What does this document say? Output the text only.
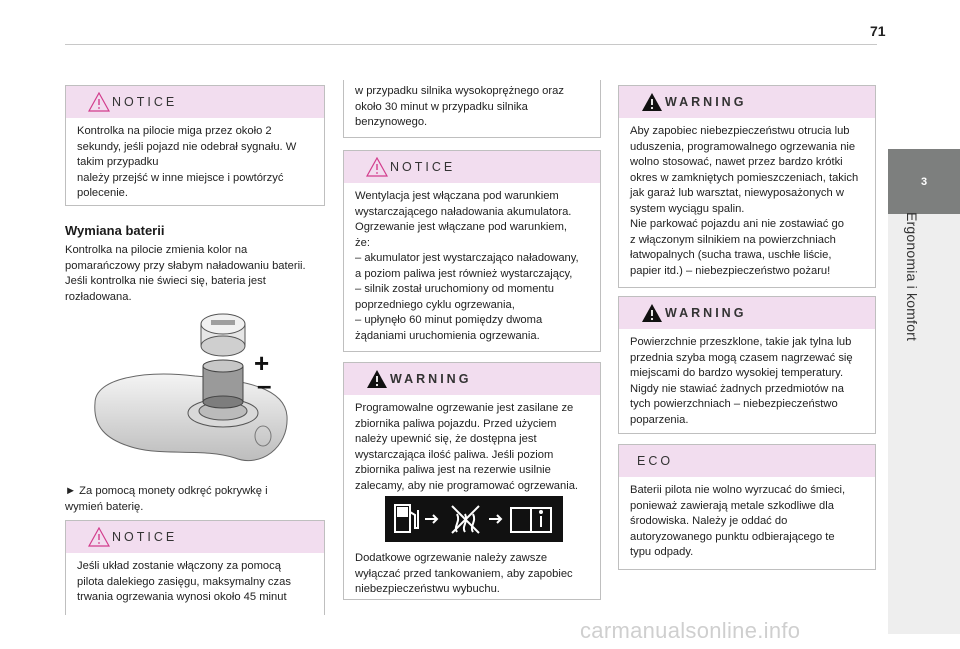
71
3
Ergonomia i komfort
NOTICE
Kontrolka na pilocie miga przez około 2
sekundy, jeśli pojazd nie odebrał sygnału. W
takim przypadku
należy przejść w inne miejsce i powtórzyć
polecenie.
Wymiana baterii
Kontrolka na pilocie zmienia kolor na
pomarańczowy przy słabym naładowaniu baterii.
Jeśli kontrolka nie świeci się, bateria jest
rozładowana.
+
–
► Za pomocą monety odkręć pokrywkę i
wymień baterię.
NOTICE
Jeśli układ zostanie włączony za pomocą
pilota dalekiego zasięgu, maksymalny czas
trwania ogrzewania wynosi około 45 minut
w przypadku silnika wysokoprężnego oraz
około 30 minut w przypadku silnika
benzynowego.
NOTICE
Wentylacja jest włączana pod warunkiem
wystarczającego naładowania akumulatora.
Ogrzewanie jest włączane pod warunkiem,
że:
– akumulator jest wystarczająco naładowany,
a poziom paliwa jest również wystarczający,
– silnik został uruchomiony od momentu
poprzedniego cyklu ogrzewania,
– upłynęło 60 minut pomiędzy dwoma
żądaniami uruchomienia ogrzewania.
WARNING
Programowalne ogrzewanie jest zasilane ze
zbiornika paliwa pojazdu. Przed użyciem
należy upewnić się, że dostępna jest
wystarczająca ilość paliwa. Jeśli poziom
zbiornika paliwa jest na rezerwie usilnie
zalecamy, aby nie programować ogrzewania.
Dodatkowe ogrzewanie należy zawsze
wyłączać przed tankowaniem, aby zapobiec
niebezpieczeństwu wybuchu.
WARNING
Aby zapobiec niebezpieczeństwu otrucia lub
uduszenia, programowalnego ogrzewania nie
wolno stosować, nawet przez bardzo krótki
okres w zamkniętych pomieszczeniach, takich
jak garaż lub warsztat, niewyposażonych w
system wyciągu spalin.
Nie parkować pojazdu ani nie zostawiać go
z włączonym silnikiem na powierzchniach
łatwopalnych (sucha trawa, uschłe liście,
papier itd.) – niebezpieczeństwo pożaru!
WARNING
Powierzchnie przeszklone, takie jak tylna lub
przednia szyba mogą czasem nagrzewać się
miejscami do bardzo wysokiej temperatury.
Nigdy nie stawiać żadnych przedmiotów na
tych powierzchniach – niebezpieczeństwo
poparzenia.
ECO
Baterii pilota nie wolno wyrzucać do śmieci,
ponieważ zawierają metale szkodliwe dla
środowiska. Należy je oddać do
autoryzowanego punktu odbierającego te
typu odpady.
carmanualsonline.info
